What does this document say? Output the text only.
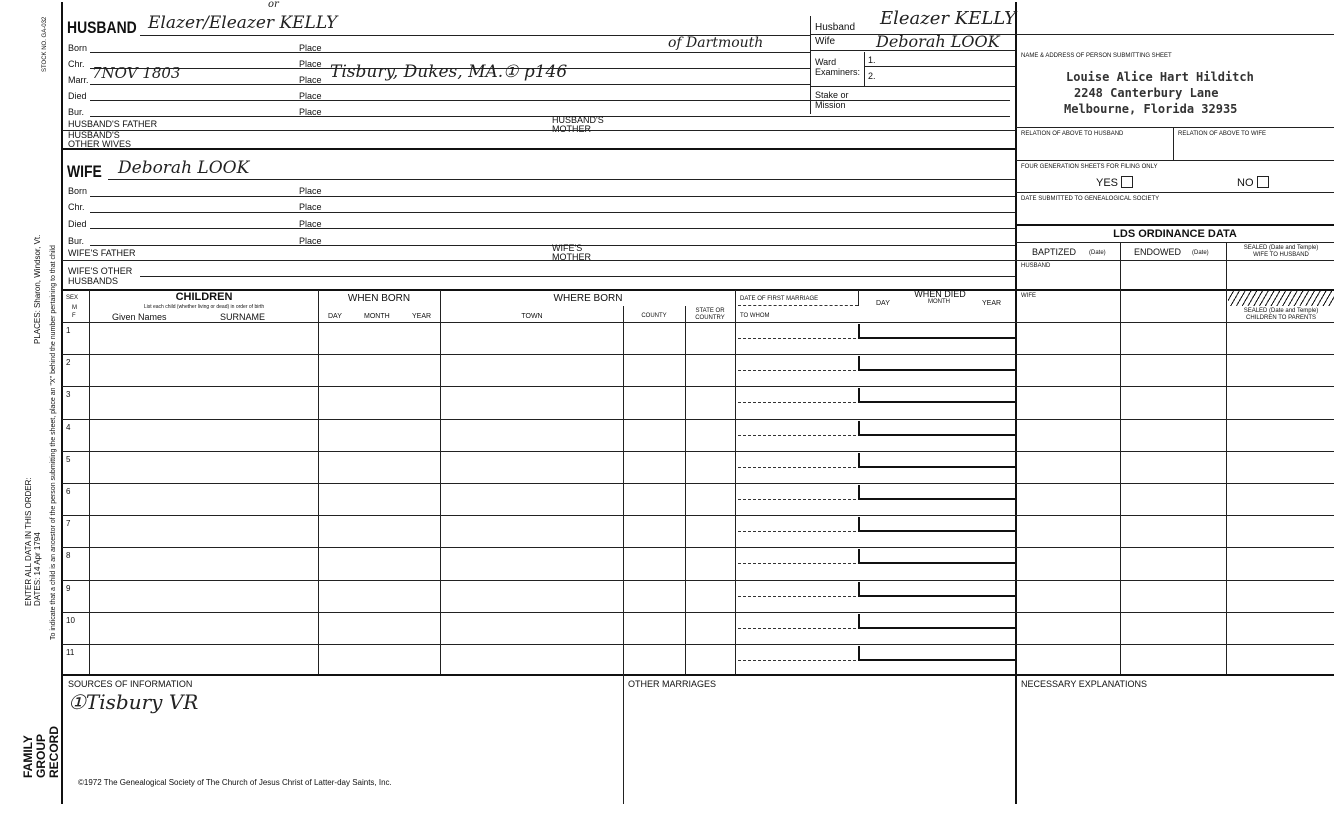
STOCK NO. GA-032
PLACES: Sharon, Windsor, Vt.
ENTER ALL DATA IN THIS ORDER: DATES: 14 Apr 1794 To indicate that a child is an ancestor of the person submitting the sheet, place an "X" behind the number pertaining to that child
FAMILY GROUP RECORD
HUSBAND Elazer/Eleazer KELLY
or
Born	Place	of Dartmouth
Chr.	Place
Marr. 7NOV 1803	Place Tisbury, Dukes, MA.① p146
Died	Place
Bur.	Place
HUSBAND'S FATHER	HUSBAND'S
MOTHER
HUSBAND'S
OTHER WIVES
WIFE Deborah LOOK
Born	Place
Chr.	Place
Died	Place
Bur.	Place
WIFE'S FATHER	WIFE'S
MOTHER
WIFE'S OTHER
HUSBANDS
Husband Eleazer KELLY
Wife	Deborah LOOK
Ward
Examiners:
1.
2.
Stake or
Mission
NAME & ADDRESS OF PERSON SUBMITTING SHEET
Louise Alice Hart Hilditch
2248 Canterbury Lane
Melbourne, Florida 32935
RELATION OF ABOVE TO HUSBAND	RELATION OF ABOVE TO WIFE
FOUR GENERATION SHEETS FOR FILING ONLY
YES	NO
DATE SUBMITTED TO GENEALOGICAL SOCIETY
LDS ORDINANCE DATA
BAPTIZED (Date)	ENDOWED (Date)
SEALED (Date and Temple)
WIFE TO HUSBAND
HUSBAND
WIFE
SEALED (Date and Temple)
CHILDREN TO PARENTS
SEX
M
F
CHILDREN
List each child (whether living or dead) in order of birth
Given Names	SURNAME
WHEN BORN
DAY	MONTH	YEAR
WHERE BORN
TOWN	COUNTY
STATE OR
COUNTRY
DATE OF FIRST MARRIAGE
TO WHOM
WHEN DIED
DAY	MONTH	YEAR
1
2
3
4
5
6
7
8
9
10
11
SOURCES OF INFORMATION
①Tisbury VR
OTHER MARRIAGES	NECESSARY EXPLANATIONS
©1972 The Genealogical Society of The Church of Jesus Christ of Latter-day Saints, Inc.
